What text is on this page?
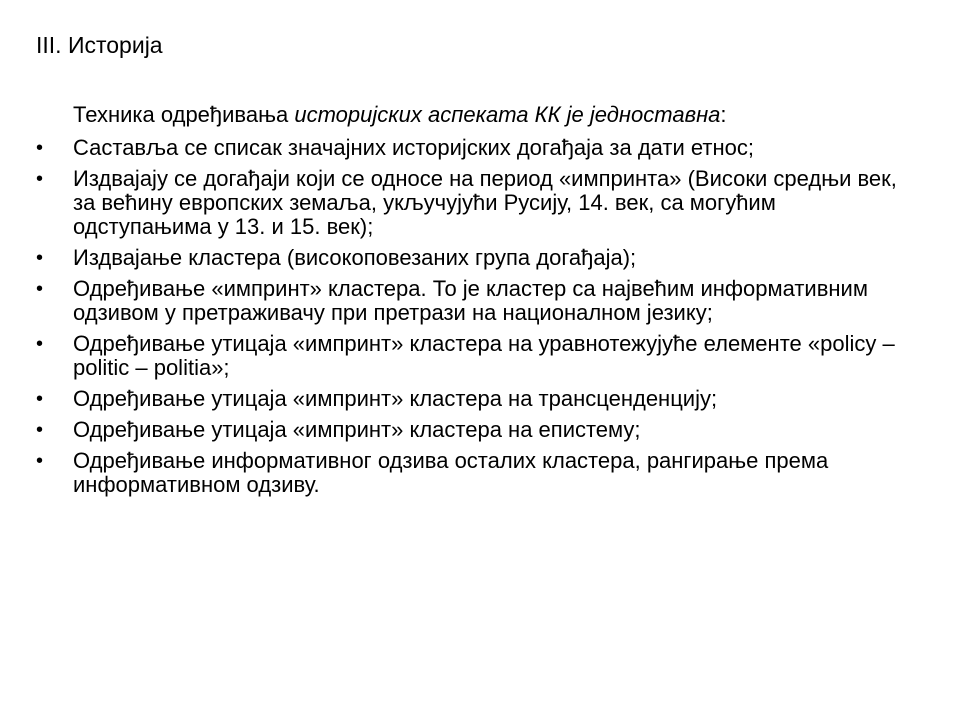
III. Историја
Техника одређивања историјских аспеката КК је једноставна:
•	Састављa се списак значајних историјских догађаја за дати етнос;
•	Издвајају се догађаји који се односе на период «импринта» (Високи средњи век, за већину европских земаља, укључујући Русију, 14. век, са могућим одступањима у 13. и 15. век);
•	Издвајање кластера (високоповезаних група догађаја);
•	Одређивање «импринт» кластера. То је кластер са највећим информативним одзивом у претраживачу при претрази на националном језику;
•	Одређивање утицаја «импринт» кластера на уравнотежујуће елементе «policy – politic – politia»;
•	Одређивање утицаја «импринт» кластера на трансценденцију;
•	Одређивање утицаја «импринт» кластера на епистему;
•	Одређивање информативног одзива осталих кластера, рангирање према информативном одзиву.
